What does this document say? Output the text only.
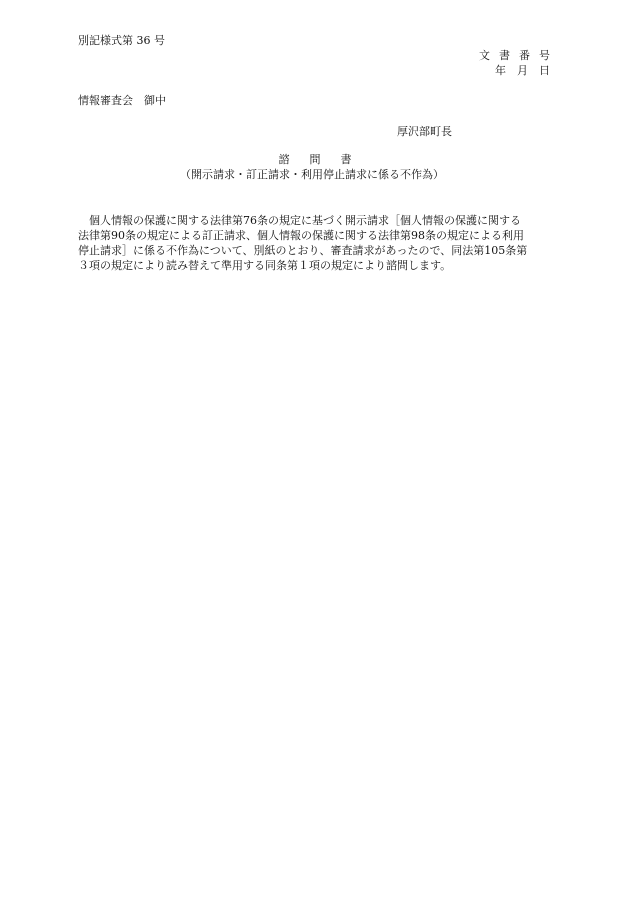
別記様式第 36 号

文書番号

年月日

情報審査会　御中

厚沢部町長

諮問書

（開示請求・訂正請求・利用停止請求に係る不作為）

　個人情報の保護に関する法律第76条の規定に基づく開示請求［個人情報の保護に関する
法律第90条の規定による訂正請求、個人情報の保護に関する法律第98条の規定による利用
停止請求］に係る不作為について、別紙のとおり、審査請求があったので、同法第105条第
３項の規定により読み替えて準用する同条第１項の規定により諮問します。
